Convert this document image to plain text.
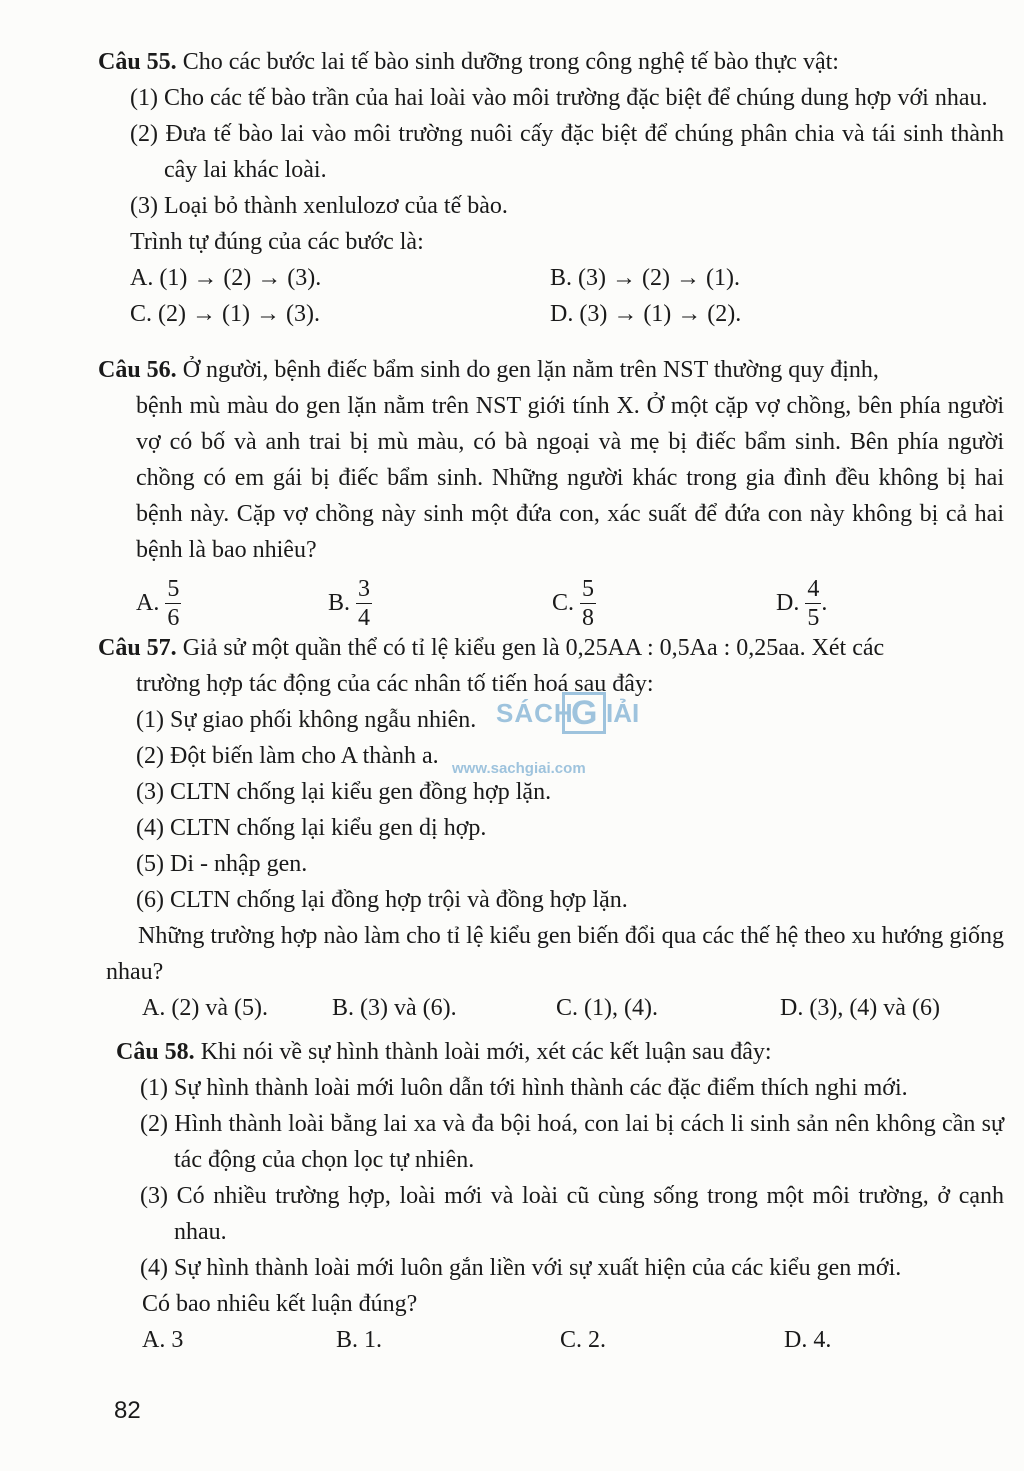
Câu 55. Cho các bước lai tế bào sinh dưỡng trong công nghệ tế bào thực vật:
(1) Cho các tế bào trần của hai loài vào môi trường đặc biệt để chúng dung hợp với nhau.
(2) Đưa tế bào lai vào môi trường nuôi cấy đặc biệt để chúng phân chia và tái sinh thành cây lai khác loài.
(3) Loại bỏ thành xenlulozơ của tế bào.
Trình tự đúng của các bước là:
A. (1) → (2) → (3).	B. (3) → (2) → (1).
C. (2) → (1) → (3).	D. (3) → (1) → (2).
Câu 56. Ở người, bệnh điếc bẩm sinh do gen lặn nằm trên NST thường quy định,
bệnh mù màu do gen lặn nằm trên NST giới tính X. Ở một cặp vợ chồng, bên phía người vợ có bố và anh trai bị mù màu, có bà ngoại và mẹ bị điếc bẩm sinh. Bên phía người chồng có em gái bị điếc bẩm sinh. Những người khác trong gia đình đều không bị hai bệnh này. Cặp vợ chồng này sinh một đứa con, xác suất để đứa con này không bị cả hai bệnh là bao nhiêu?
A. $\frac{5}{6}$	B. $\frac{3}{4}$	C. $\frac{5}{8}$	D. $\frac{4}{5}$ .
Câu 57. Giả sử một quần thể có tỉ lệ kiểu gen là 0,25AA : 0,5Aa : 0,25aa. Xét các
trường hợp tác động của các nhân tố tiến hoá sau đây:
(1) Sự giao phối không ngẫu nhiên.
(2) Đột biến làm cho A thành a.
(3) CLTN chống lại kiểu gen đồng hợp lặn.
(4) CLTN chống lại kiểu gen dị hợp.
(5) Di - nhập gen.
(6) CLTN chống lại đồng hợp trội và đồng hợp lặn.
Những trường hợp nào làm cho tỉ lệ kiểu gen biến đổi qua các thế hệ theo xu hướng giống nhau?
A. (2) và (5).	B. (3) và (6).	C. (1), (4).	D. (3), (4) và (6)
Câu 58. Khi nói về sự hình thành loài mới, xét các kết luận sau đây:
(1) Sự hình thành loài mới luôn dẫn tới hình thành các đặc điểm thích nghi mới.
(2) Hình thành loài bằng lai xa và đa bội hoá, con lai bị cách li sinh sản nên không cần sự tác động của chọn lọc tự nhiên.
(3) Có nhiều trường hợp, loài mới và loài cũ cùng sống trong một môi trường, ở cạnh nhau.
(4) Sự hình thành loài mới luôn gắn liền với sự xuất hiện của các kiểu gen mới.
Có bao nhiêu kết luận đúng?
A. 3	B. 1.	C. 2.	D. 4.
SÁCH
G IẢI
www.sachgiai.com
82
